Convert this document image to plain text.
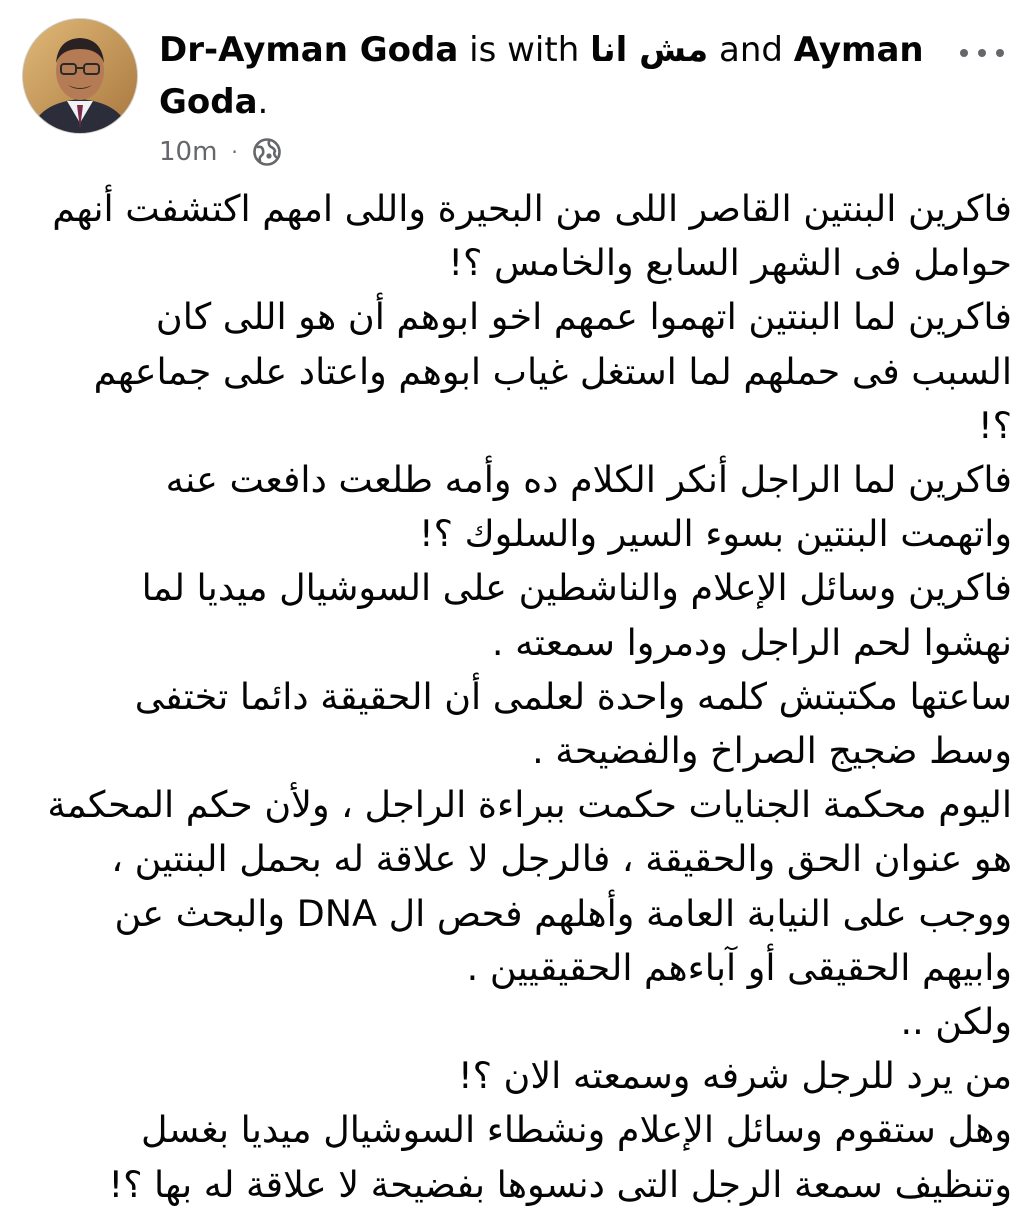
Dr-Ayman Goda is with مش انا and Ayman Goda.
10m ·

فاكرين البنتين القاصر اللى من البحيرة واللى امهم اكتشفت أنهم

حوامل فى الشهر السابع والخامس ؟!

فاكرين لما البنتين اتهموا عمهم اخو ابوهم أن هو اللى كان

السبب فى حملهم لما استغل غياب ابوهم واعتاد على جماعهم

؟!

فاكرين لما الراجل أنكر الكلام ده وأمه طلعت دافعت عنه

واتهمت البنتين بسوء السير والسلوك ؟!

فاكرين وسائل الإعلام والناشطين على السوشيال ميديا لما

نهشوا لحم الراجل ودمروا سمعته .

ساعتها مكتبتش كلمه واحدة لعلمى أن الحقيقة دائما تختفى

وسط ضجيج الصراخ والفضيحة .

اليوم محكمة الجنايات حكمت ببراءة الراجل ، ولأن حكم المحكمة

هو عنوان الحق والحقيقة ، فالرجل لا علاقة له بحمل البنتين ،

ووجب على النيابة العامة وأهلهم فحص ال DNA والبحث عن

وابيهم الحقيقى أو آباءهم الحقيقيين .

ولكن ..

من يرد للرجل شرفه وسمعته الان ؟!

وهل ستقوم وسائل الإعلام ونشطاء السوشيال ميديا بغسل

وتنظيف سمعة الرجل التى دنسوها بفضيحة لا علاقة له بها ؟!
